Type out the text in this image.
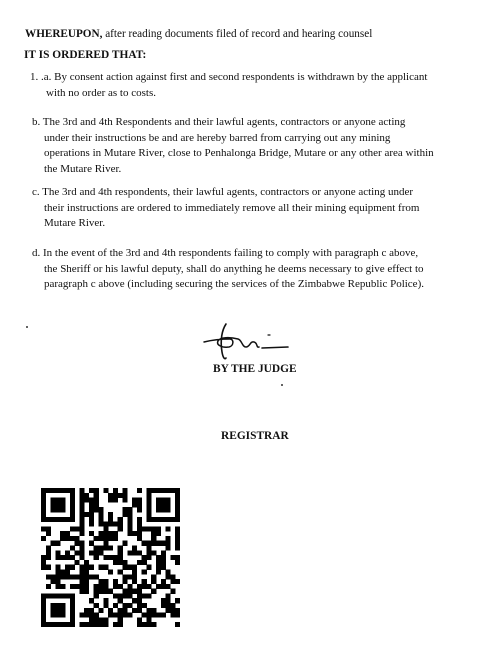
WHEREUPON, after reading documents filed of record and hearing counsel
IT IS ORDERED THAT:
1. .a. By consent action against first and second respondents is withdrawn by the applicant
with no order as to costs.
b. The 3rd and 4th Respondents and their lawful agents, contractors or anyone acting
under their instructions be and are hereby barred from carrying out any mining
operations in Mutare River, close to Penhalonga Bridge, Mutare or any other area within
the Mutare River.
c. The 3rd and 4th respondents, their lawful agents, contractors or anyone acting under
their instructions are ordered to immediately remove all their mining equipment from
Mutare River.
d. In the event of the 3rd and 4th respondents failing to comply with paragraph c above,
the Sheriff or his lawful deputy, shall do anything he deems necessary to give effect to
paragraph c above (including securing the services of the Zimbabwe Republic Police).
BY THE JUDGE
REGISTRAR
